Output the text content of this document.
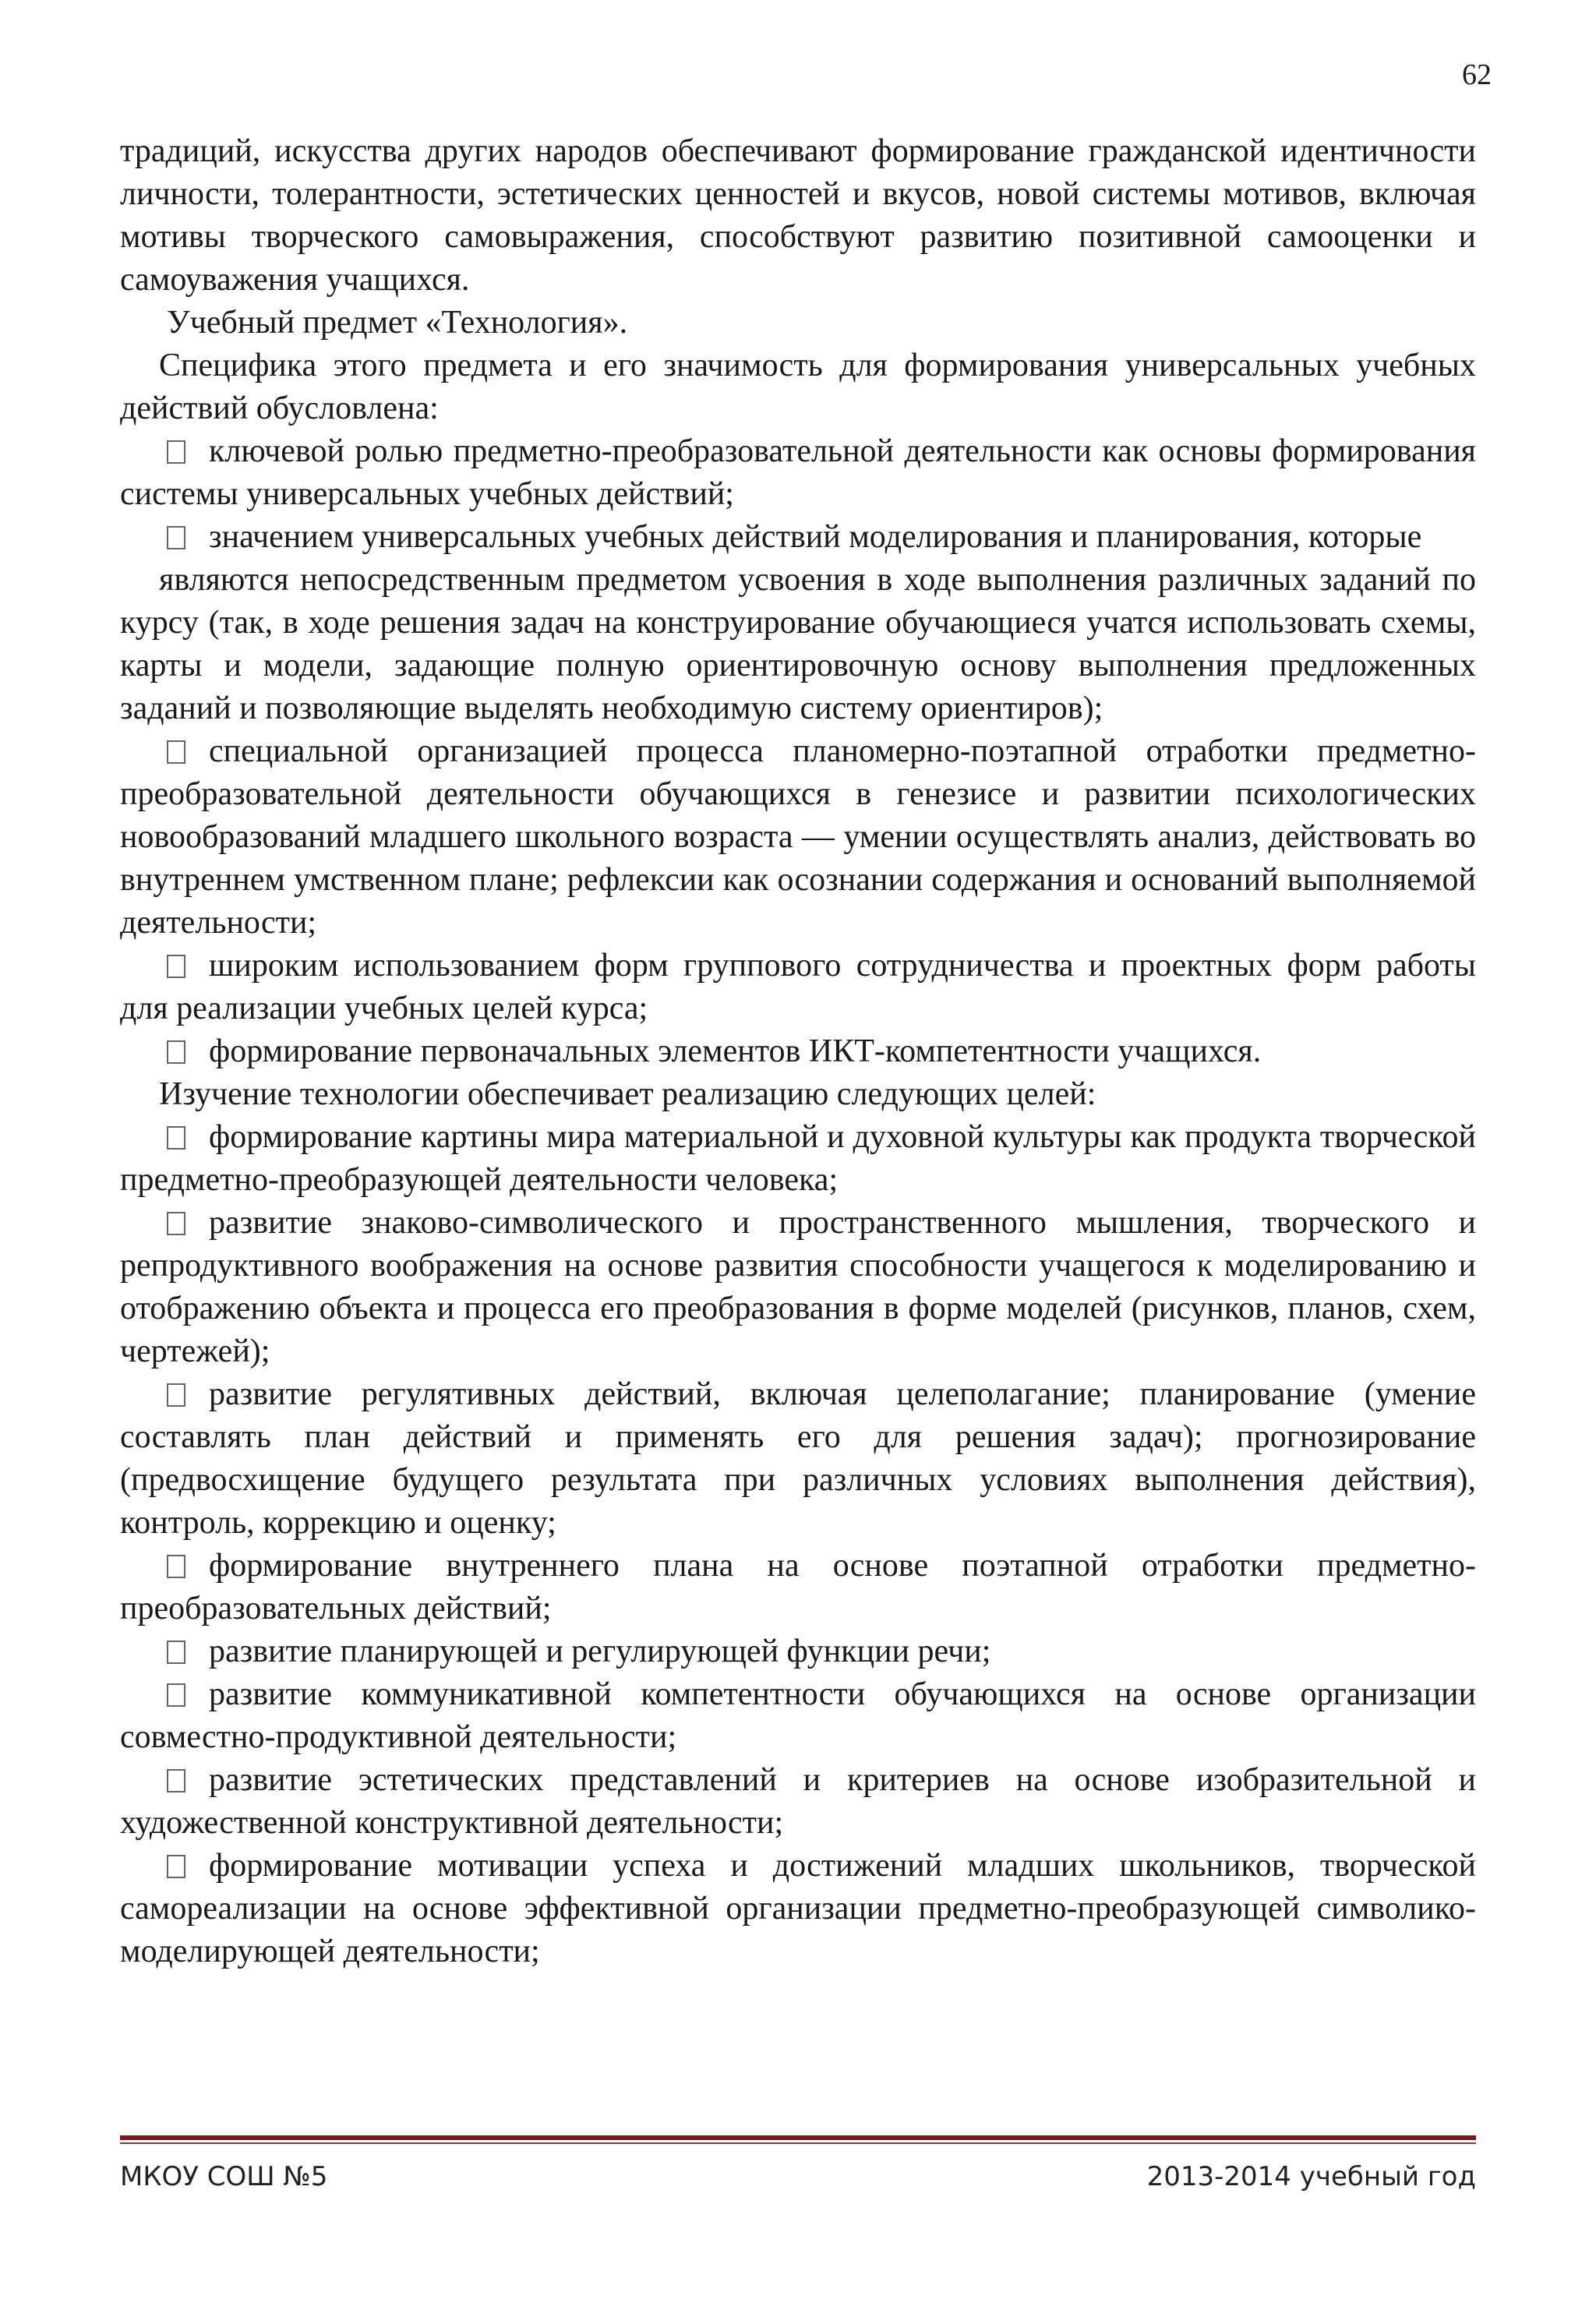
62

традиций, искусства других народов обеспечивают формирование гражданской идентичности личности, толерантности, эстетических ценностей и вкусов, новой системы мотивов, включая мотивы творческого самовыражения, способствуют развитию позитивной самооценки и самоуважения учащихся.

Учебный предмет «Технология».

Специфика этого предмета и его значимость для формирования универсальных учебных действий обусловлена:

ключевой ролью предметно-преобразовательной деятельности как основы формирования системы универсальных учебных действий;

значением универсальных учебных действий моделирования и планирования, которые

являются непосредственным предметом усвоения в ходе выполнения различных заданий по курсу (так, в ходе решения задач на конструирование обучающиеся учатся использовать схемы, карты и модели, задающие полную ориентировочную основу выполнения предложенных заданий и позволяющие выделять необходимую систему ориентиров);

специальной организацией процесса планомерно-поэтапной отработки предметно-преобразовательной деятельности обучающихся в генезисе и развитии психологических новообразований младшего школьного возраста — умении осуществлять анализ, действовать во внутреннем умственном плане; рефлексии как осознании содержания и оснований выполняемой деятельности;

широким использованием форм группового сотрудничества и проектных форм работы для реализации учебных целей курса;

формирование первоначальных элементов ИКТ-компетентности учащихся.

Изучение технологии обеспечивает реализацию следующих целей:

формирование картины мира материальной и духовной культуры как продукта творческой предметно-преобразующей деятельности человека;

развитие знаково-символического и пространственного мышления, творческого и репродуктивного воображения на основе развития способности учащегося к моделированию и отображению объекта и процесса его преобразования в форме моделей (рисунков, планов, схем, чертежей);

развитие регулятивных действий, включая целеполагание; планирование (умение составлять план действий и применять его для решения задач); прогнозирование (предвосхищение будущего результата при различных условиях выполнения действия), контроль, коррекцию и оценку;

формирование внутреннего плана на основе поэтапной отработки предметно-преобразовательных действий;

развитие планирующей и регулирующей функции речи;

развитие коммуникативной компетентности обучающихся на основе организации совместно-продуктивной деятельности;

развитие эстетических представлений и критериев на основе изобразительной и художественной конструктивной деятельности;

формирование мотивации успеха и достижений младших школьников, творческой самореализации на основе эффективной организации предметно-преобразующей символико-моделирующей деятельности;

МКОУ СОШ №5	2013-2014 учебный год
